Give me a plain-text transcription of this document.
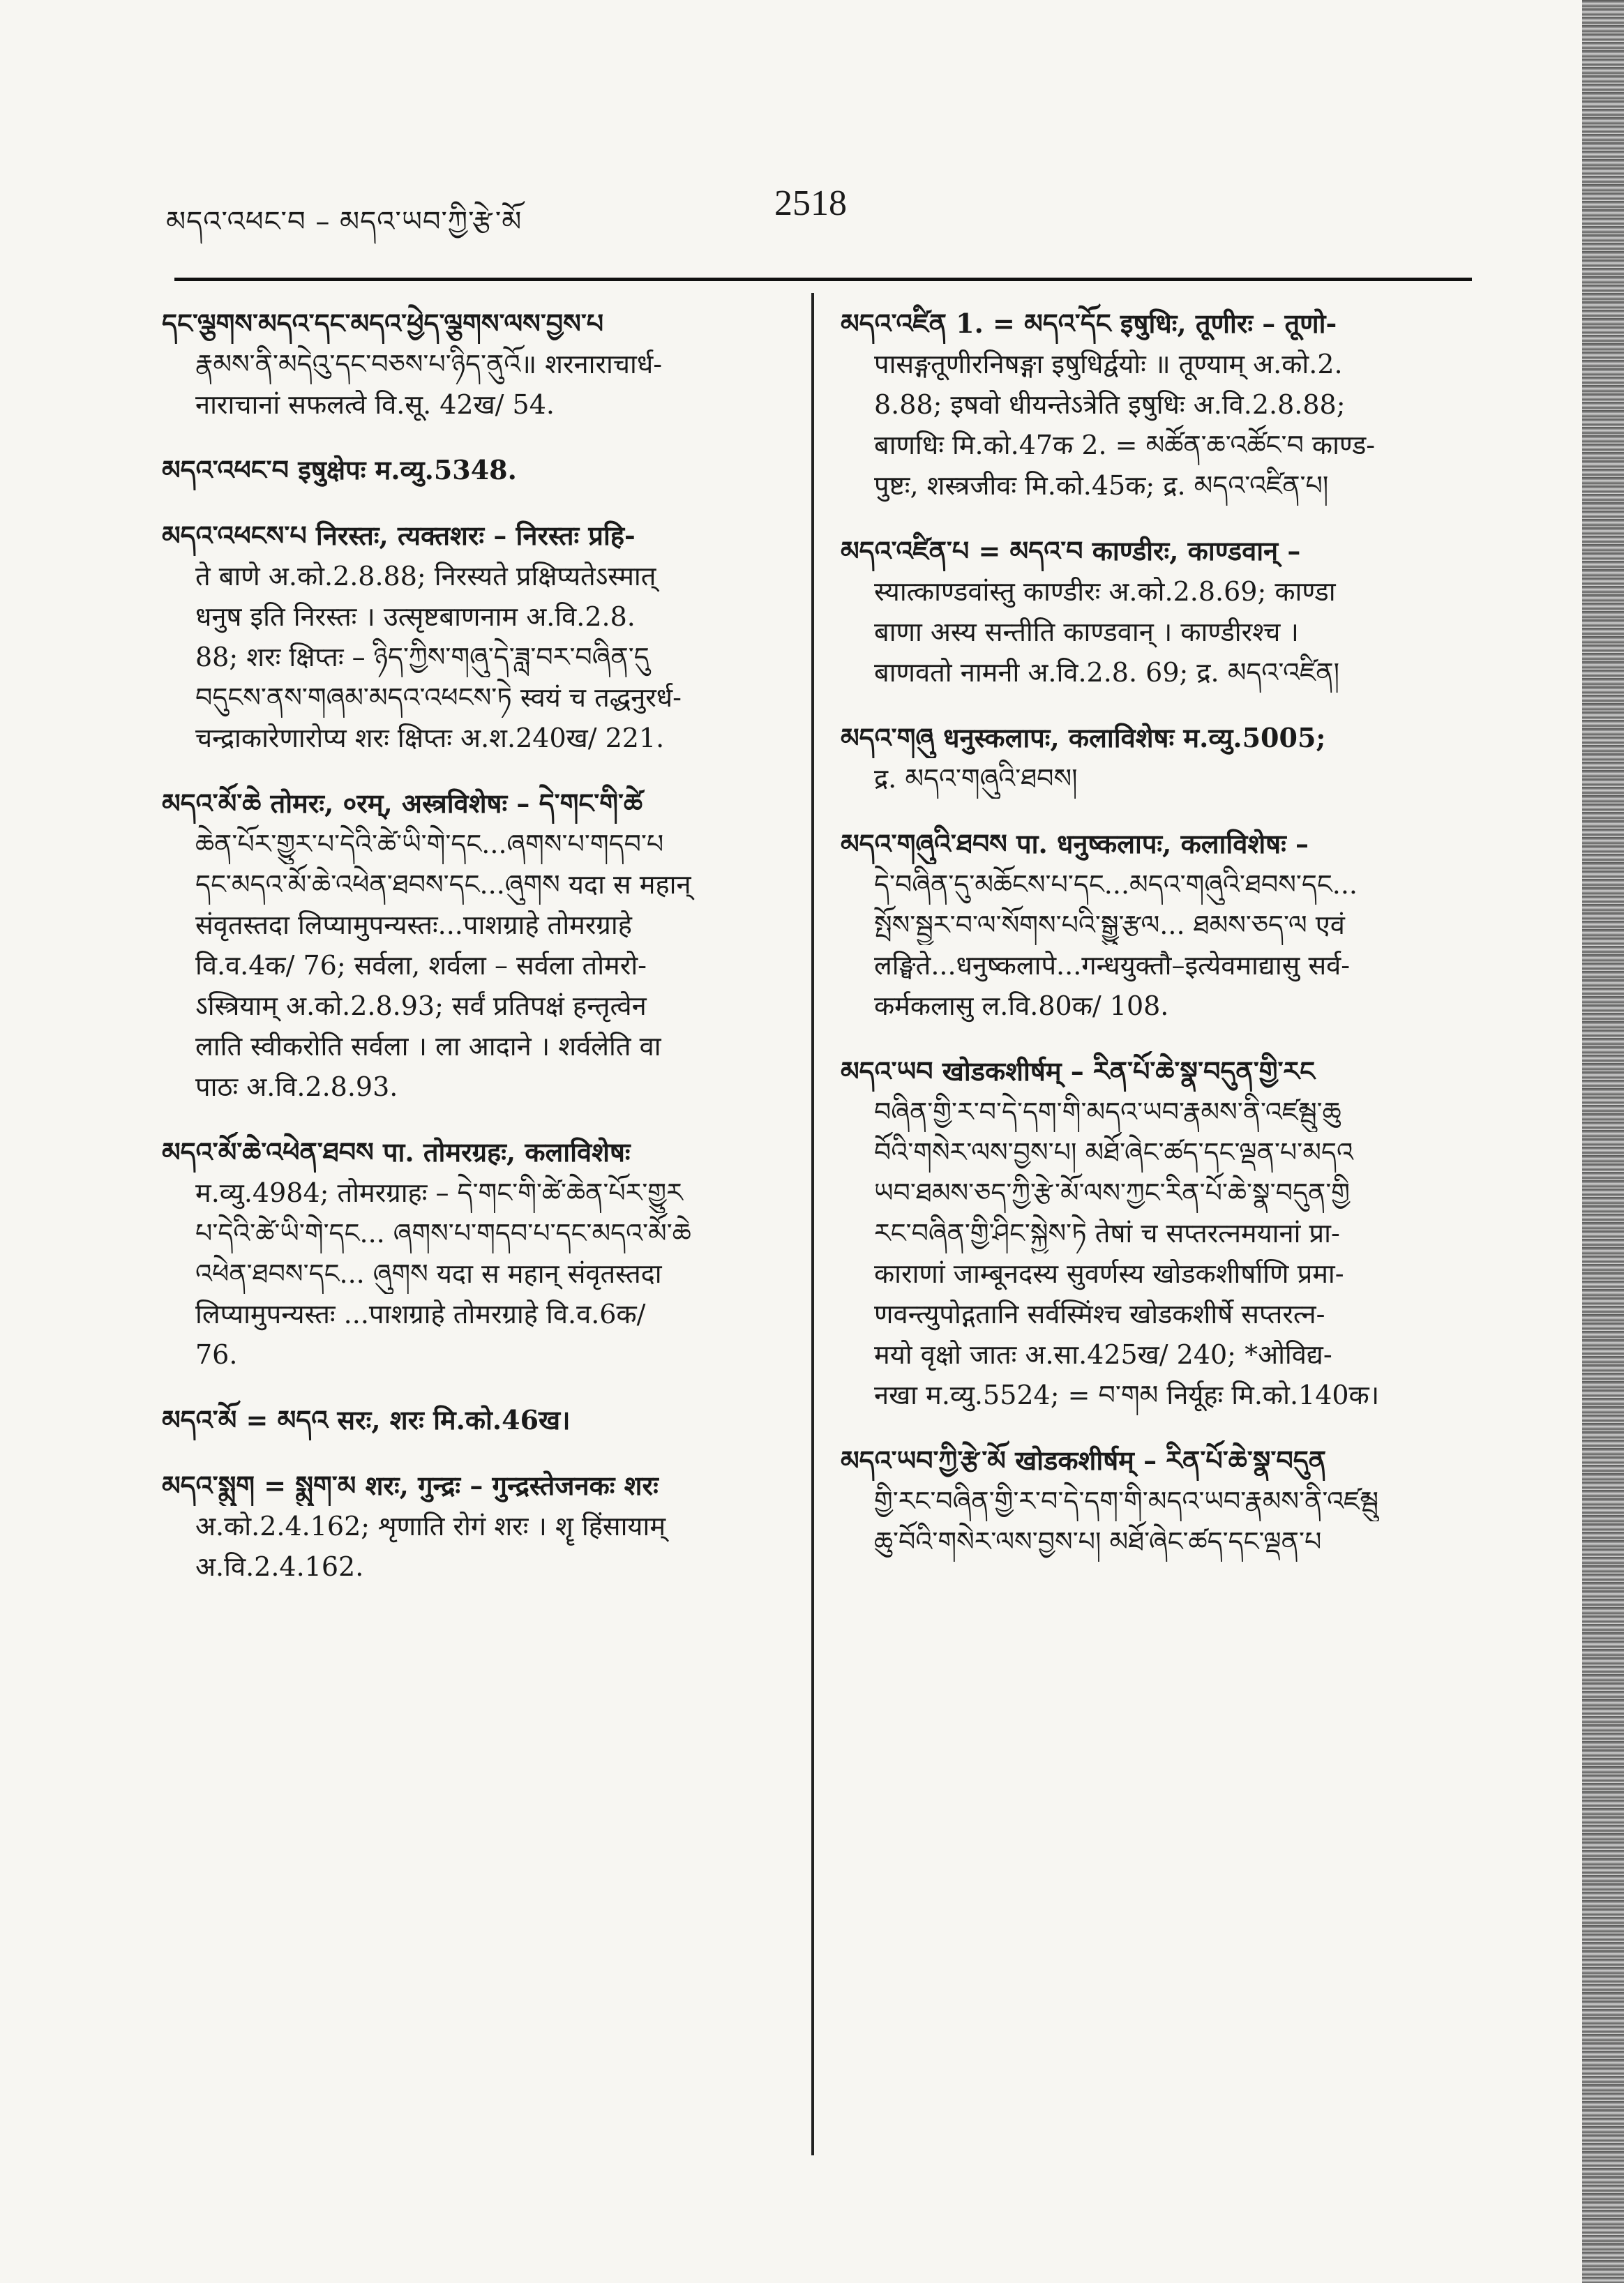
མདའ་འཕང་བ – མདའ་ཡབ་ཀྱི་རྩེ་མོ	2518
དང་ལྕགས་མདའ་དང་མདའ་ཕྱེད་ལྕགས་ལས་བྱས་པ
རྣམས་ནི་མདེའུ་དང་བཅས་པ་ཉིད་ནུའོ॥ शरनाराचार्ध-
नाराचानां सफलत्वे वि.सू. 42ख/ 54.
མདའ་འཕང་བ इषुक्षेपः म.व्यु.5348.
མདའ་འཕངས་པ निरस्तः, त्यक्तशरः – निरस्तः प्रहि-
ते बाणे अ.को.2.8.88; निरस्यते प्रक्षिप्यतेऽस्मात्
धनुष इति निरस्तः । उत्सृष्टबाणनाम अ.वि.2.8.
88; शरः क्षिप्तः – ཉིད་ཀྱིས་གཞུ་དེ་ཟླ་བར་བཞིན་དུ
བདུངས་ནས་གཞམ་མདའ་འཕངས་ཏེ स्वयं च तद्धनुरर्ध-
चन्द्राकारेणारोप्य शरः क्षिप्तः अ.श.240ख/ 221.
མདའ་མོ་ཆེ तोमरः, ०रम्, अस्त्रविशेषः – དེ་གང་གི་ཚེ
ཆེན་པོར་གྱུར་པ་དེའི་ཚེ་ཡི་གེ་དང...ཞགས་པ་གདབ་པ
དང་མདའ་མོ་ཆེ་འཕེན་ཐབས་དང...ཞུགས यदा स महान्
संवृतस्तदा लिप्यामुपन्यस्तः...पाशग्राहे तोमरग्राहे
वि.व.4क/ 76; सर्वला, शर्वला – सर्वला तोमरो-
ऽस्त्रियाम् अ.को.2.8.93; सर्वं प्रतिपक्षं हन्तृत्वेन
लाति स्वीकरोति सर्वला । ला आदाने । शर्वलेति वा
पाठः अ.वि.2.8.93.
མདའ་མོ་ཆེ་འཕེན་ཐབས पा. तोमरग्रहः, कलाविशेषः
म.व्यु.4984; तोमरग्राहः – དེ་གང་གི་ཚེ་ཆེན་པོར་གྱུར
པ་དེའི་ཚེ་ཡི་གེ་དང... ཞགས་པ་གདབ་པ་དང་མདའ་མོ་ཆེ
འཕེན་ཐབས་དང... ཞུགས यदा स महान् संवृतस्तदा
लिप्यामुपन्यस्तः ...पाशग्राहे तोमरग्राहे वि.व.6क/
76.
མདའ་མོ = མདའ सरः, शरः मि.को.46ख।
མདའ་སྨུག = སྨུག་མ शरः, गुन्द्रः – गुन्द्रस्तेजनकः शरः
अ.को.2.4.162; शृणाति रोगं शरः । शॄ हिंसायाम्
अ.वि.2.4.162.
མདའ་འཛིན 1. = མདའ་དོང इषुधिः, तूणीरः – तूणो-
पासङ्गतूणीरनिषङ्गा इषुधिर्द्वयोः ॥ तूण्याम् अ.को.2.
8.88; इषवो धीयन्तेऽत्रेति इषुधिः अ.वि.2.8.88;
बाणधिः मि.को.47क 2. = མཚོན་ཆ་འཚོང་བ काण्ड-
पुष्टः, शस्त्रजीवः मि.को.45क; द्र. མདའ་འཛིན་པ།
མདའ་འཛིན་པ = མདའ་བ काण्डीरः, काण्डवान् –
स्यात्काण्डवांस्तु काण्डीरः अ.को.2.8.69; काण्डा
बाणा अस्य सन्तीति काण्डवान् । काण्डीरश्च ।
बाणवतो नामनी अ.वि.2.8. 69; द्र. མདའ་འཛིན།
མདའ་གཞུ धनुस्कलापः, कलाविशेषः म.व्यु.5005;
द्र. མདའ་གཞུའི་ཐབས།
མདའ་གཞུའི་ཐབས पा. धनुष्कलापः, कलाविशेषः –
དེ་བཞིན་དུ་མཆོངས་པ་དང...མདའ་གཞུའི་ཐབས་དང...
སྤོས་སྦྱར་བ་ལ་སོགས་པའི་སྒྱུ་རྩལ... ཐམས་ཅད་ལ एवं
लङ्घिते...धनुष्कलापे...गन्धयुक्तौ–इत्येवमाद्यासु सर्व-
कर्मकलासु ल.वि.80क/ 108.
མདའ་ཡབ खोडकशीर्षम् – རིན་པོ་ཆེ་སྣ་བདུན་གྱི་རང
བཞིན་གྱི་ར་བ་དེ་དག་གི་མདའ་ཡབ་རྣམས་ནི་འཛམྦུ་ཆུ
བོའི་གསེར་ལས་བྱས་པ། མཐོ་ཞེང་ཚད་དང་ལྡན་པ་མདའ
ཡབ་ཐམས་ཅད་ཀྱི་རྩེ་མོ་ལས་ཀྱང་རིན་པོ་ཆེ་སྣ་བདུན་གྱི
རང་བཞིན་གྱི་ཤིང་སྐྱེས་ཏེ तेषां च सप्तरत्नमयानां प्रा-
काराणां जाम्बूनदस्य सुवर्णस्य खोडकशीर्षाणि प्रमा-
णवन्त्युपोद्गतानि सर्वस्मिंश्च खोडकशीर्षे सप्तरत्न-
मयो वृक्षो जातः अ.सा.425ख/ 240; *ओविद्य-
नखा म.व्यु.5524; = བ་གམ निर्यूहः मि.को.140क।
མདའ་ཡབ་ཀྱི་རྩེ་མོ खोडकशीर्षम् – རིན་པོ་ཆེ་སྣ་བདུན
གྱི་རང་བཞིན་གྱི་ར་བ་དེ་དག་གི་མདའ་ཡབ་རྣམས་ནི་འཛམྦུ
ཆུ་བོའི་གསེར་ལས་བྱས་པ། མཐོ་ཞེང་ཚད་དང་ལྡན་པ
